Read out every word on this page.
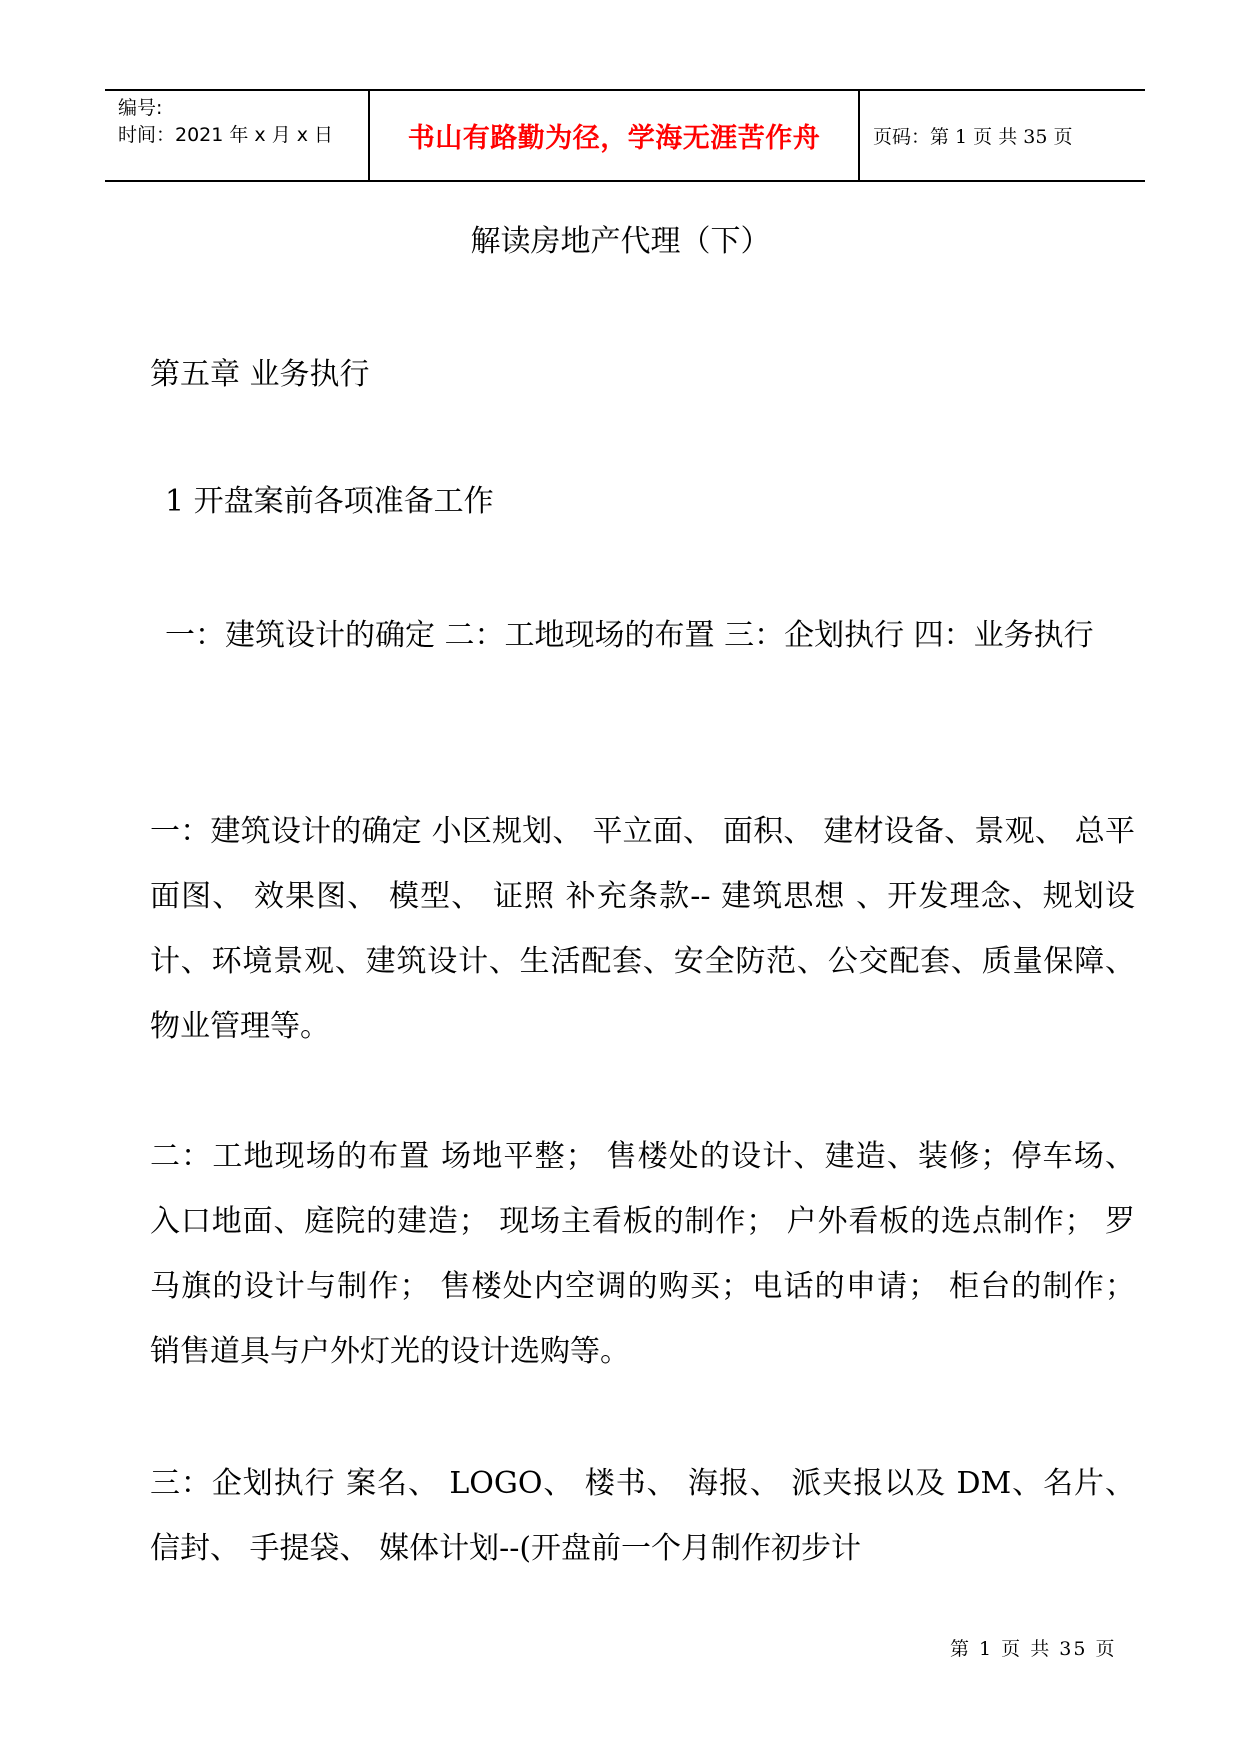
编号:
时间：2021 年 x 月 x 日	书山有路勤为径，学海无涯苦作舟	页码：第 1 页 共 35 页
解读房地产代理（下）
第五章 业务执行
1 开盘案前各项准备工作
一：建筑设计的确定 二：工地现场的布置 三：企划执行 四：业务执行
一：建筑设计的确定 小区规划、 平立面、 面积、 建材设备、景观、 总平面图、 效果图、 模型、 证照 补充条款-- 建筑思想 、开发理念、规划设计、环境景观、建筑设计、生活配套、安全防范、公交配套、质量保障、物业管理等。
二：工地现场的布置 场地平整； 售楼处的设计、建造、装修；停车场、 入口地面、庭院的建造； 现场主看板的制作； 户外看板的选点制作； 罗马旗的设计与制作； 售楼处内空调的购买；电话的申请； 柜台的制作； 销售道具与户外灯光的设计选购等。
三：企划执行 案名、 LOGO、 楼书、 海报、 派夹报以及 DM、名片、 信封、 手提袋、 媒体计划--(开盘前一个月制作初步计
第 1 页 共 35 页
